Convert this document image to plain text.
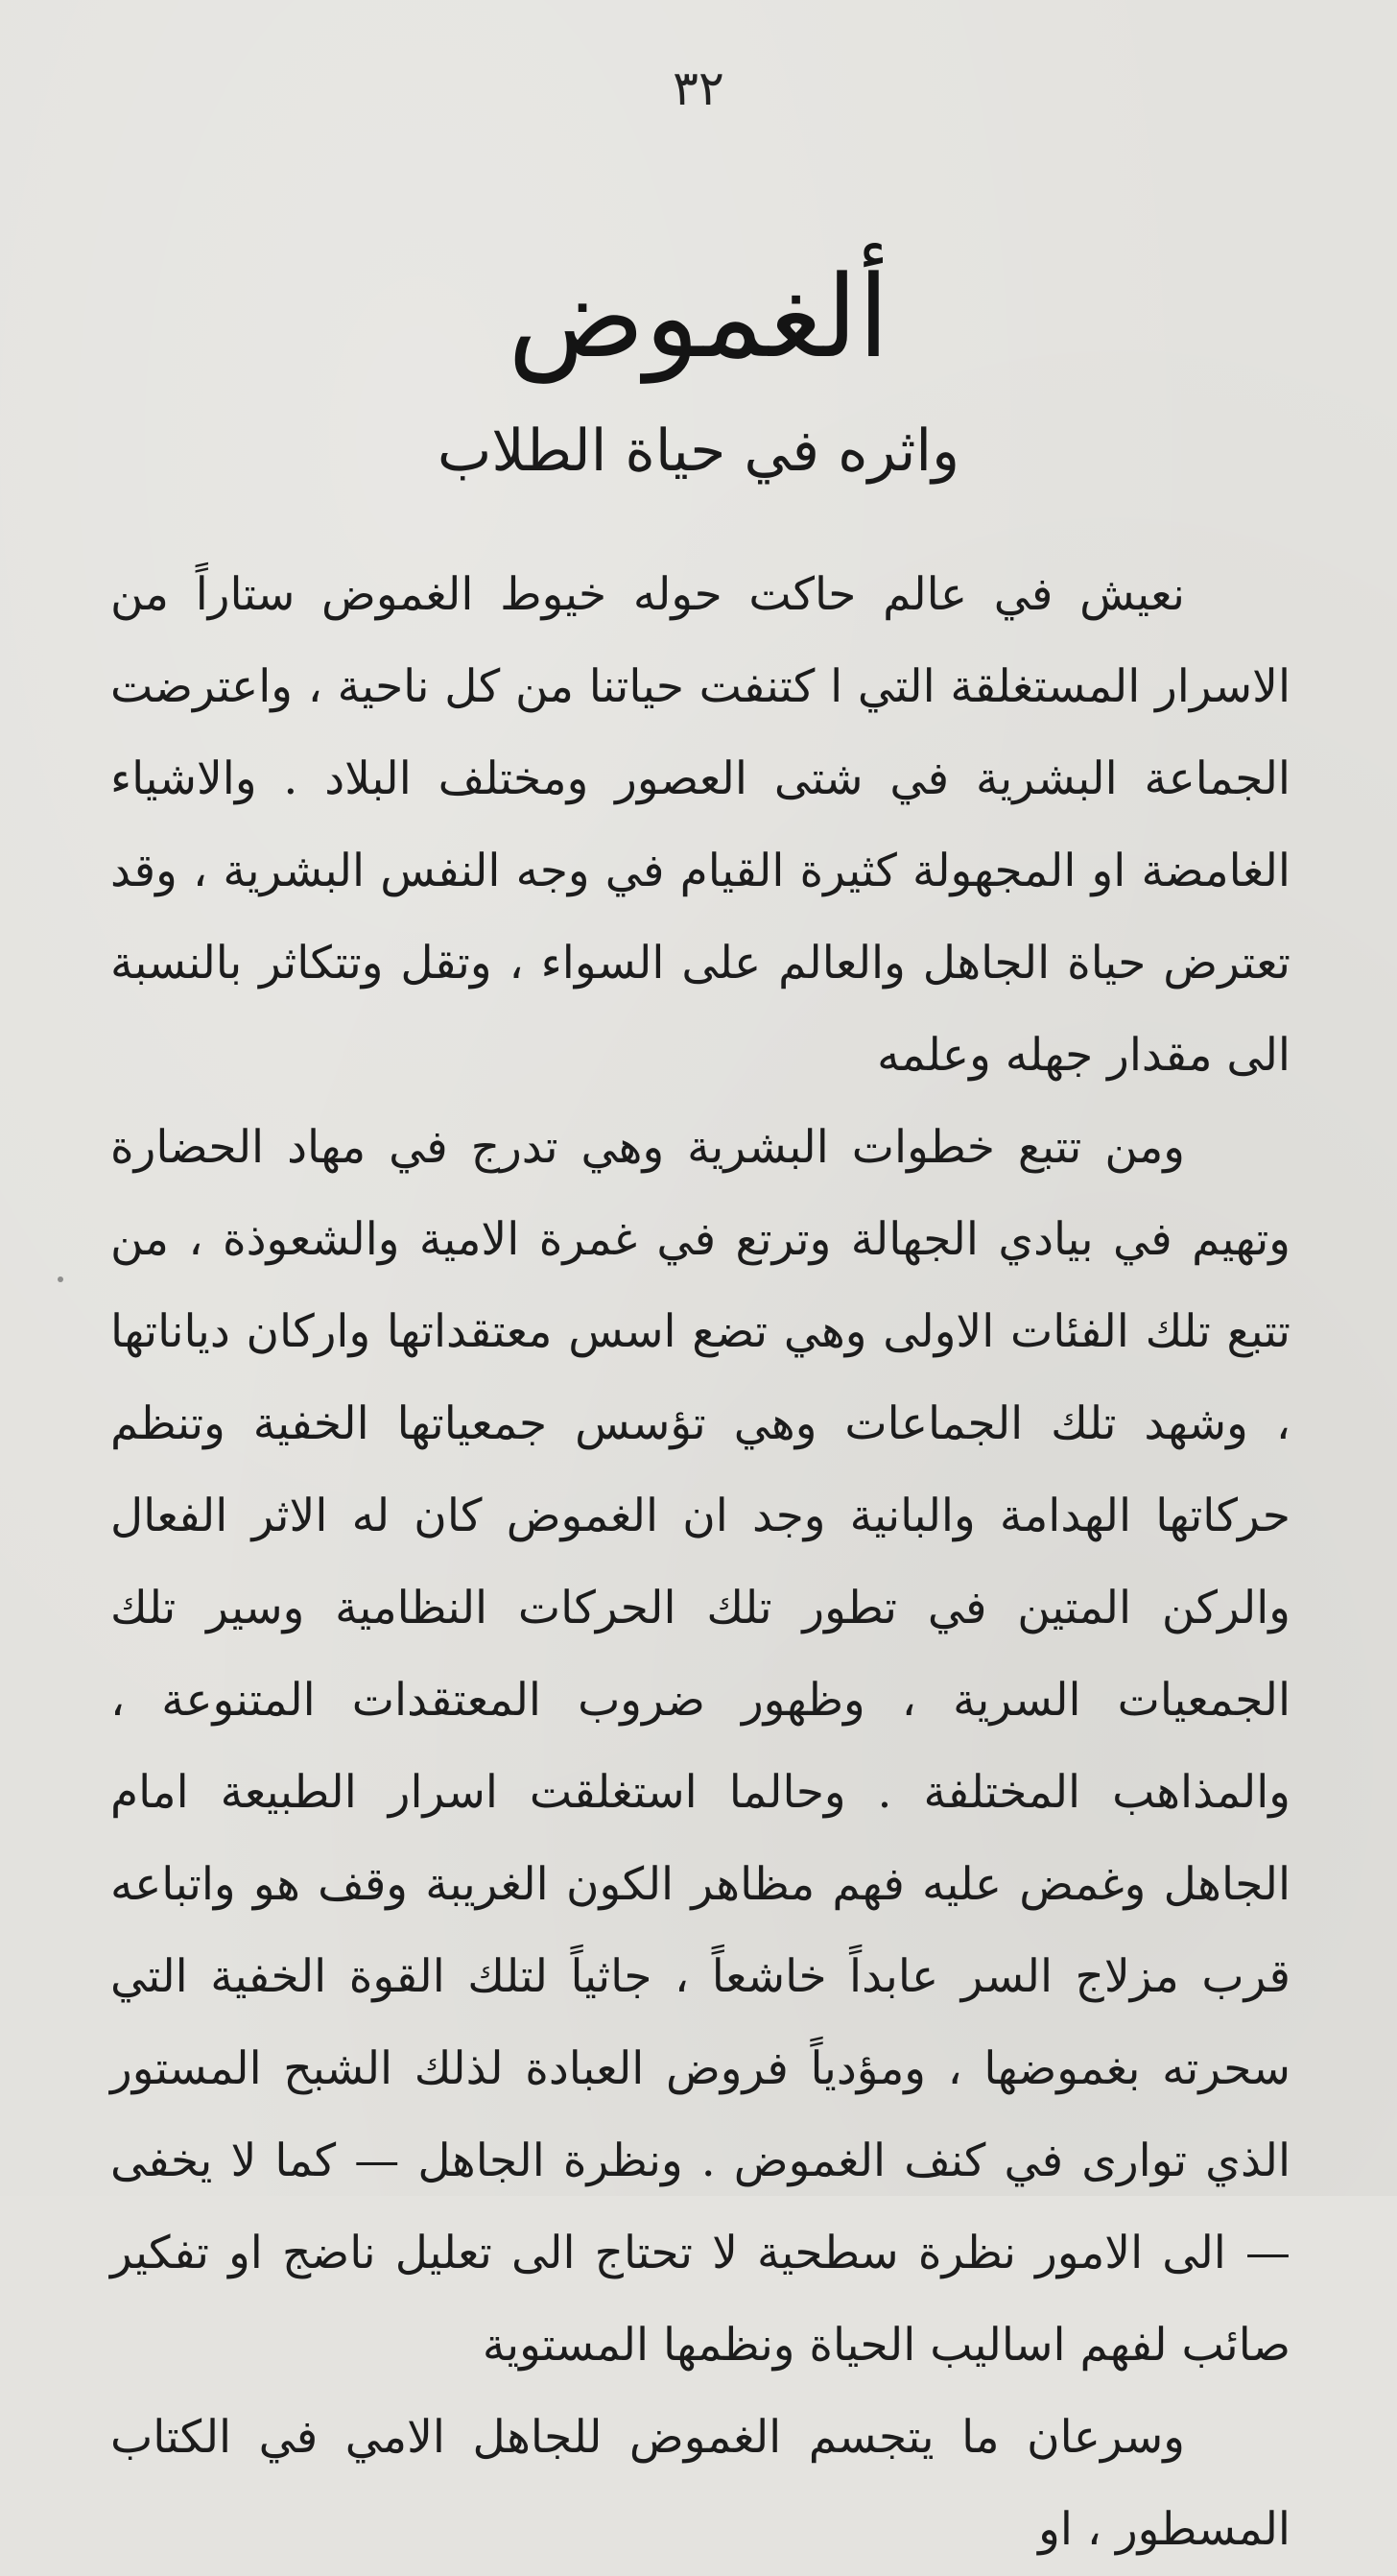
٣٢
ألغموض
واثره في حياة الطلاب

نعيش في عالم حاكت حوله خيوط الغموض ستاراً من الاسرار المستغلقة التي ا كتنفت حياتنا من كل ناحية ، واعترضت الجماعة البشرية في شتى العصور ومختلف البلاد . والاشياء الغامضة او المجهولة كثيرة القيام في وجه النفس البشرية ، وقد تعترض حياة الجاهل والعالم على السواء ، وتقل وتتكاثر بالنسبة الى مقدار جهله وعلمه

ومن تتبع خطوات البشرية وهي تدرج في مهاد الحضارة وتهيم في بيادي الجهالة وترتع في غمرة الامية والشعوذة ، من تتبع تلك الفئات الاولى وهي تضع اسس معتقداتها واركان دياناتها ، وشهد تلك الجماعات وهي تؤسس جمعياتها الخفية وتنظم حركاتها الهدامة والبانية وجد ان الغموض كان له الاثر الفعال والركن المتين في تطور تلك الحركات النظامية وسير تلك الجمعيات السرية ، وظهور ضروب المعتقدات المتنوعة ، والمذاهب المختلفة . وحالما استغلقت اسرار الطبيعة امام الجاهل وغمض عليه فهم مظاهر الكون الغريبة وقف هو واتباعه قرب مزلاج السر عابداً خاشعاً ، جاثياً لتلك القوة الخفية التي سحرته بغموضها ، ومؤدياً فروض العبادة لذلك الشبح المستور الذي توارى في كنف الغموض . ونظرة الجاهل — كما لا يخفى — الى الامور نظرة سطحية لا تحتاج الى تعليل ناضج او تفكير صائب لفهم اساليب الحياة ونظمها المستوية

وسرعان ما يتجسم الغموض للجاهل الامي في الكتاب المسطور ، او
